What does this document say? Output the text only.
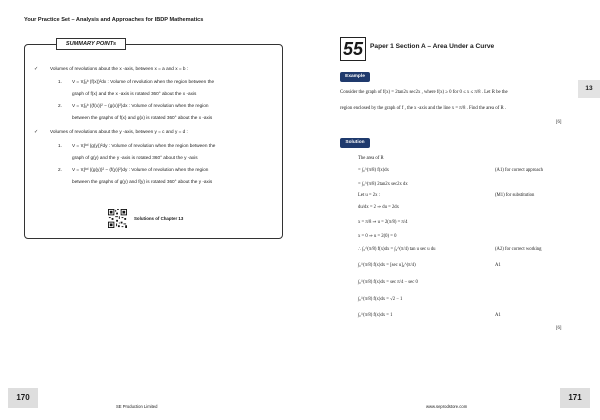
Your Practice Set – Analysis and Approaches for IBDP Mathematics
SUMMARY POINTs
✓	Volumes of revolutions about the x -axis, between x = a and x = b :
1. V = π∫ₐᵇ (f(x))²dx : Volume of revolution when the region between the
graph of f(x) and the x -axis is rotated 360° about the x -axis
2. V = π∫ₐᵇ ((f(x))² − (g(x))²)dx : Volume of revolution when the region
between the graphs of f(x) and g(x) is rotated 360° about the x -axis
✓	Volumes of revolutions about the y -axis, between y = c and y = d :
1. V = π∫ᶜᵈ (g(y))²dy : Volume of revolution when the region between the
graph of g(y) and the y -axis is rotated 360° about the y -axis
2. V = π∫ᶜᵈ ((g(y))² − (f(y))²)dy : Volume of revolution when the region
between the graphs of g(y) and f(y) is rotated 360° about the y -axis
Solutions of Chapter 13
170
SE Production Limited
55	Paper 1 Section A – Area Under a Curve
Example
13
Consider the graph of f(x) = 2tan2x sec2x , where f(x) ≥ 0 for 0 ≤ x ≤ π/8 . Let R be the
region enclosed by the graph of f , the x -axis and the line x = π/8 . Find the area of R .
[6]
Solution
The area of R
= ∫₀^(π/8) f(x)dx	(A1) for correct approach
= ∫₀^(π/8) 2tan2x sec2x dx
Let u = 2x :	(M1) for substitution
du/dx = 2 ⇒ du = 2dx
x = π/8 ⇒ u = 2(π/8) = π/4
x = 0 ⇒ u = 2(0) = 0
∴ ∫₀^(π/8) f(x)dx = ∫₀^(π/4) tan u sec u du	(A2) for correct working
∫₀^(π/8) f(x)dx = [sec u]₀^(π/4)	A1
∫₀^(π/8) f(x)dx = sec π/4 − sec 0
∫₀^(π/8) f(x)dx = √2 − 1
∫₀^(π/8) f(x)dx = 1	A1
[6]
171
www.seprodstore.com
